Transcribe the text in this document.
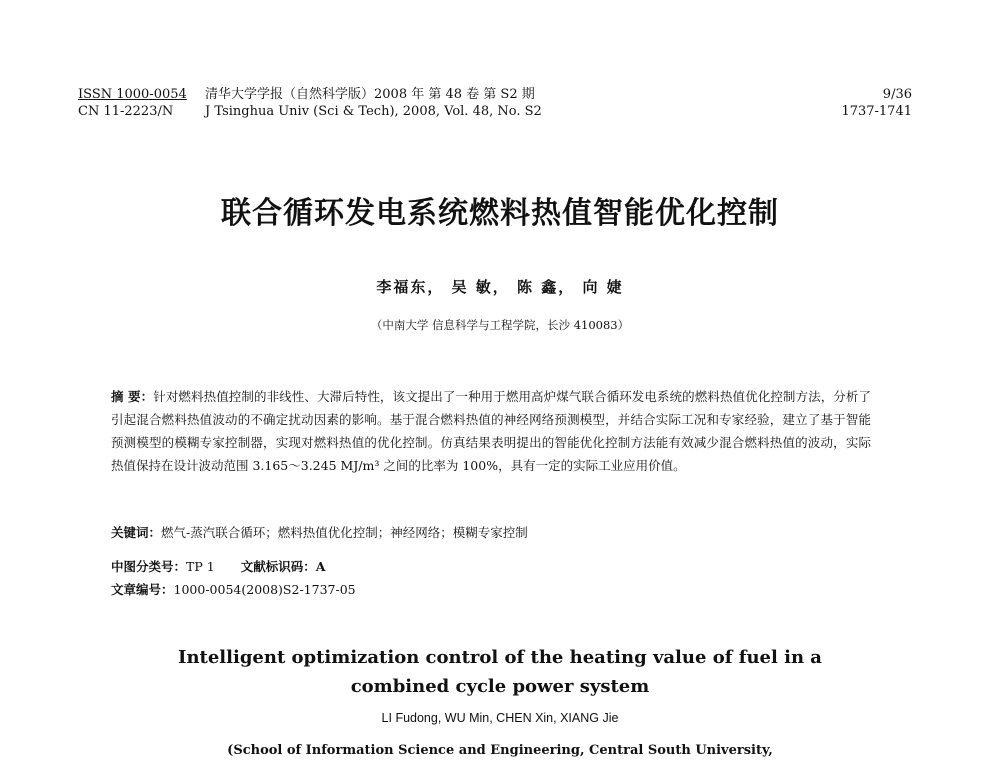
ISSN 1000-0054
CN 11-2223/N
清华大学学报（自然科学版）2008 年 第 48 卷 第 S2 期
J Tsinghua Univ (Sci & Tech), 2008, Vol. 48, No. S2
9/36
1737-1741
联合循环发电系统燃料热值智能优化控制
李福东， 吴 敏， 陈 鑫， 向 婕
（中南大学 信息科学与工程学院，长沙 410083）
摘 要：针对燃料热值控制的非线性、大滞后特性，该文提出了一种用于燃用高炉煤气联合循环发电系统的燃料热值优化控制方法，分析了引起混合燃料热值波动的不确定扰动因素的影响。基于混合燃料热值的神经网络预测模型，并结合实际工况和专家经验，建立了基于智能预测模型的模糊专家控制器，实现对燃料热值的优化控制。仿真结果表明提出的智能优化控制方法能有效减少混合燃料热值的波动，实际热值保持在设计波动范围 3.165～3.245 MJ/m³ 之间的比率为 100%，具有一定的实际工业应用价值。
关键词：燃气-蒸汽联合循环；燃料热值优化控制；神经网络；模糊专家控制
中图分类号：TP 1 文献标识码：A
文章编号：1000-0054(2008)S2-1737-05
Intelligent optimization control of the heating value of fuel in a
combined cycle power system
LI Fudong, WU Min, CHEN Xin, XIANG Jie
(School of Information Science and Engineering, Central South University,
